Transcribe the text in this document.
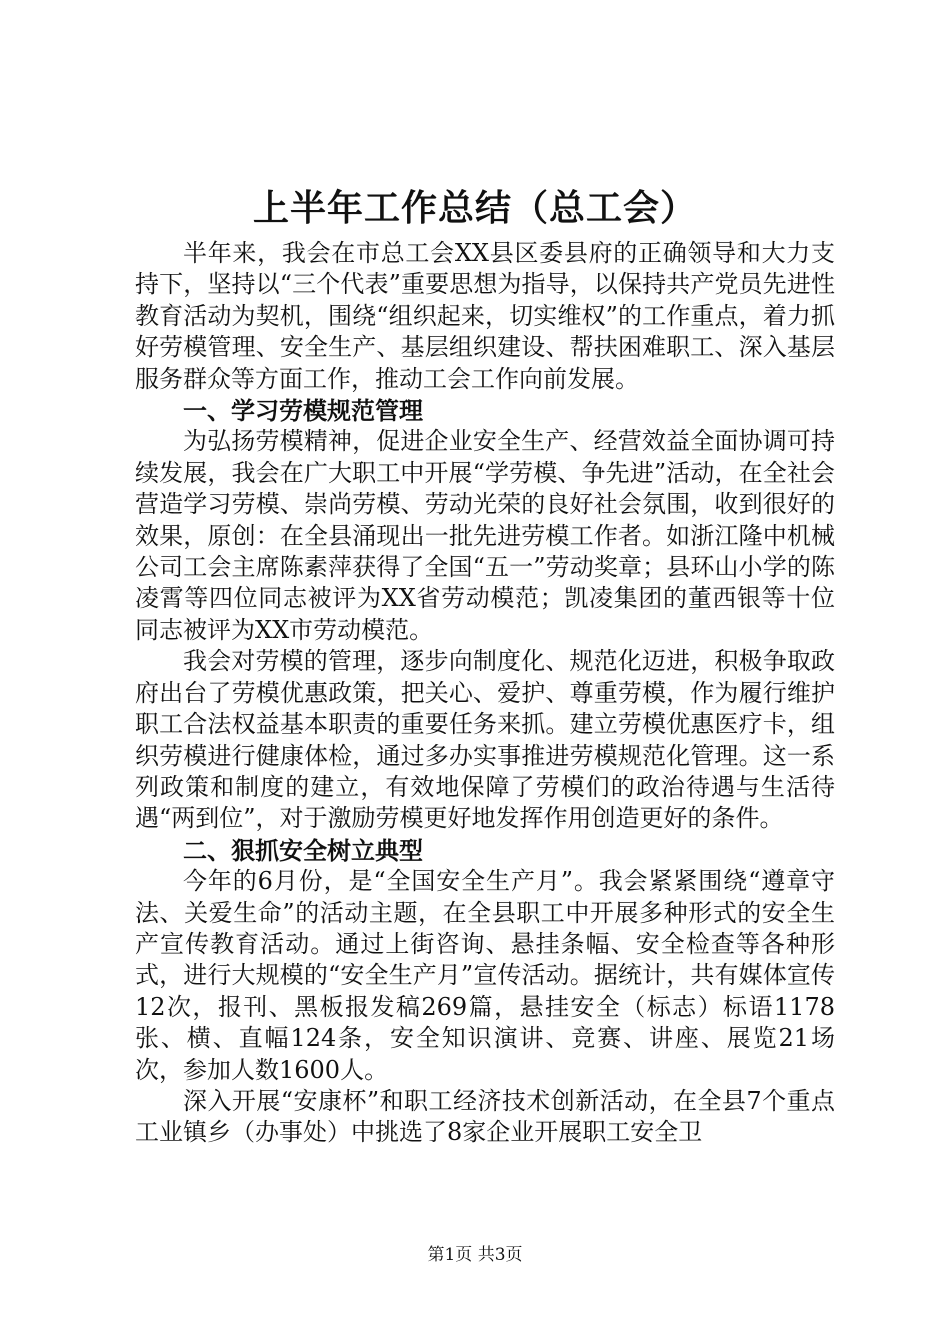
上半年工作总结（总工会）

半年来，我会在市总工会XX县区委县府的正确领导和大力支持下，坚持以“三个代表”重要思想为指导，以保持共产党员先进性教育活动为契机，围绕“组织起来，切实维权”的工作重点，着力抓好劳模管理、安全生产、基层组织建设、帮扶困难职工、深入基层服务群众等方面工作，推动工会工作向前发展。

一、学习劳模规范管理

为弘扬劳模精神，促进企业安全生产、经营效益全面协调可持续发展，我会在广大职工中开展“学劳模、争先进”活动，在全社会营造学习劳模、崇尚劳模、劳动光荣的良好社会氛围，收到很好的效果，原创：在全县涌现出一批先进劳模工作者。如浙江隆中机械公司工会主席陈素萍获得了全国“五一”劳动奖章；县环山小学的陈凌霄等四位同志被评为XX省劳动模范；凯凌集团的董西银等十位同志被评为XX市劳动模范。

我会对劳模的管理，逐步向制度化、规范化迈进，积极争取政府出台了劳模优惠政策，把关心、爱护、尊重劳模，作为履行维护职工合法权益基本职责的重要任务来抓。建立劳模优惠医疗卡，组织劳模进行健康体检，通过多办实事推进劳模规范化管理。这一系列政策和制度的建立，有效地保障了劳模们的政治待遇与生活待遇“两到位”，对于激励劳模更好地发挥作用创造更好的条件。

二、狠抓安全树立典型

今年的6月份，是“全国安全生产月”。我会紧紧围绕“遵章守法、关爱生命”的活动主题，在全县职工中开展多种形式的安全生产宣传教育活动。通过上街咨询、悬挂条幅、安全检查等各种形式，进行大规模的“安全生产月”宣传活动。据统计，共有媒体宣传12次，报刊、黑板报发稿269篇，悬挂安全（标志）标语1178张、横、直幅124条，安全知识演讲、竞赛、讲座、展览21场次，参加人数1600人。

深入开展“安康杯”和职工经济技术创新活动，在全县7个重点工业镇乡（办事处）中挑选了8家企业开展职工安全卫

第1页 共3页
